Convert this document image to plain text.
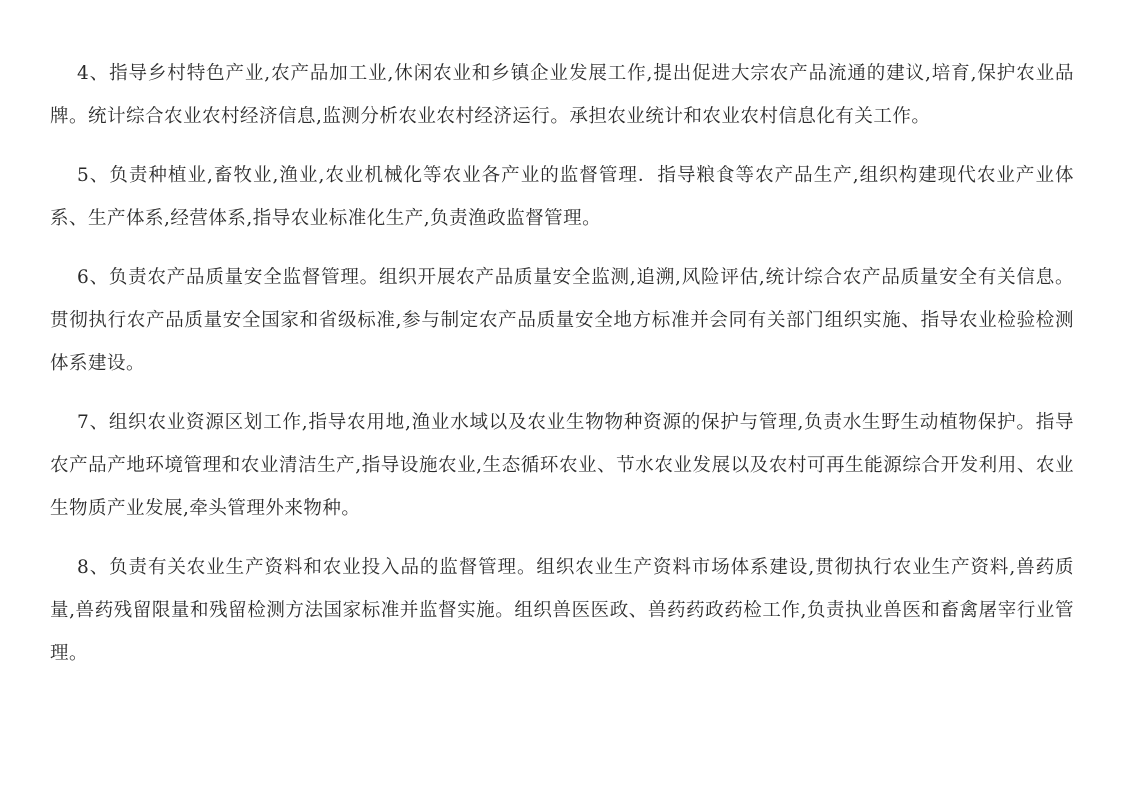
4、指导乡村特色产业,农产品加工业,休闲农业和乡镇企业发展工作,提出促进大宗农产品流通的建议,培育,保护农业品牌。统计综合农业农村经济信息,监测分析农业农村经济运行。承担农业统计和农业农村信息化有关工作。

5、负责种植业,畜牧业,渔业,农业机械化等农业各产业的监督管理．指导粮食等农产品生产,组织构建现代农业产业体系、生产体系,经营体系,指导农业标准化生产,负责渔政监督管理。

6、负责农产品质量安全监督管理。组织开展农产品质量安全监测,追溯,风险评估,统计综合农产品质量安全有关信息。贯彻执行农产品质量安全国家和省级标准,参与制定农产品质量安全地方标准并会同有关部门组织实施、指导农业检验检测体系建设。

7、组织农业资源区划工作,指导农用地,渔业水域以及农业生物物种资源的保护与管理,负责水生野生动植物保护。指导农产品产地环境管理和农业清洁生产,指导设施农业,生态循环农业、节水农业发展以及农村可再生能源综合开发利用、农业生物质产业发展,牵头管理外来物种。

8、负责有关农业生产资料和农业投入品的监督管理。组织农业生产资料市场体系建设,贯彻执行农业生产资料,兽药质量,兽药残留限量和残留检测方法国家标准并监督实施。组织兽医医政、兽药药政药检工作,负责执业兽医和畜禽屠宰行业管理。
